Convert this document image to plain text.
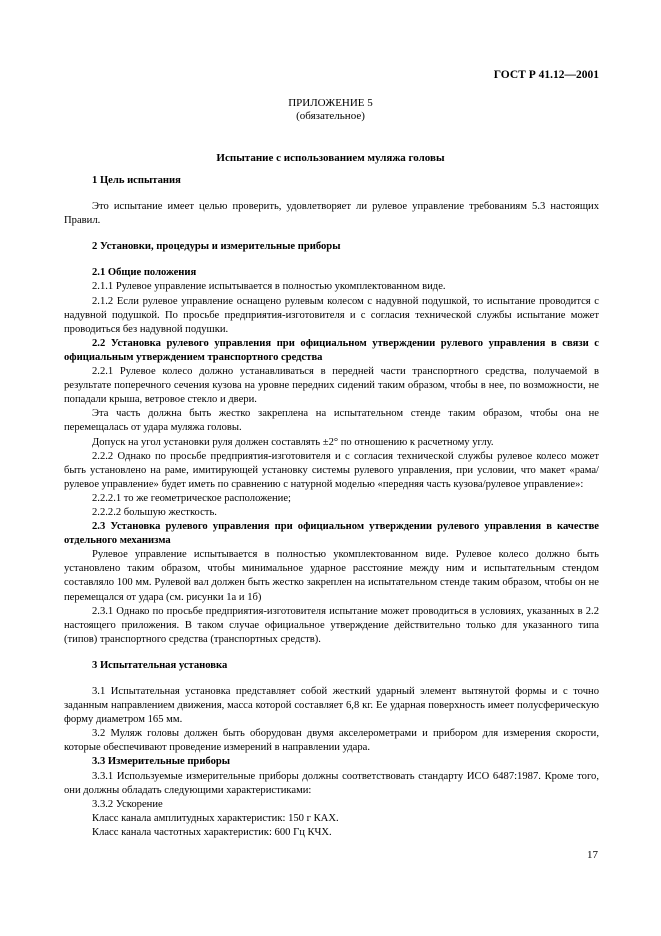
ГОСТ Р 41.12—2001
ПРИЛОЖЕНИЕ 5
(обязательное)
Испытание с использованием муляжа головы

1 Цель испытания

Это испытание имеет целью проверить, удовлетворяет ли рулевое управление требованиям 5.3 настоящих Правил.

2 Установки, процедуры и измерительные приборы

2.1 Общие положения

2.1.1 Рулевое управление испытывается в полностью укомплектованном виде.

2.1.2 Если рулевое управление оснащено рулевым колесом с надувной подушкой, то испытание проводится с надувной подушкой. По просьбе предприятия-изготовителя и с согласия технической службы испытание может проводиться без надувной подушки.

2.2 Установка рулевого управления при официальном утверждении рулевого управления в связи с официальным утверждением транспортного средства

2.2.1 Рулевое колесо должно устанавливаться в передней части транспортного средства, получаемой в результате поперечного сечения кузова на уровне передних сидений таким образом, чтобы в нее, по возможности, не попадали крыша, ветровое стекло и двери.

Эта часть должна быть жестко закреплена на испытательном стенде таким образом, чтобы она не перемещалась от удара муляжа головы.

Допуск на угол установки руля должен составлять ±2° по отношению к расчетному углу.

2.2.2 Однако по просьбе предприятия-изготовителя и с согласия технической службы рулевое колесо может быть установлено на раме, имитирующей установку системы рулевого управления, при условии, что макет «рама/рулевое управление» будет иметь по сравнению с натурной моделью «передняя часть кузова/рулевое управление»:

2.2.2.1 то же геометрическое расположение;

2.2.2.2 большую жесткость.

2.3 Установка рулевого управления при официальном утверждении рулевого управления в качестве отдельного механизма

Рулевое управление испытывается в полностью укомплектованном виде. Рулевое колесо должно быть установлено таким образом, чтобы минимальное ударное расстояние между ним и испытательным стендом составляло 100 мм. Рулевой вал должен быть жестко закреплен на испытательном стенде таким образом, чтобы он не перемещался от удара (см. рисунки 1а и 1б)

2.3.1 Однако по просьбе предприятия-изготовителя испытание может проводиться в условиях, указанных в 2.2 настоящего приложения. В таком случае официальное утверждение действительно только для указанного типа (типов) транспортного средства (транспортных средств).

3 Испытательная установка

3.1 Испытательная установка представляет собой жесткий ударный элемент вытянутой формы и с точно заданным направлением движения, масса которой составляет 6,8 кг. Ее ударная поверхность имеет полусферическую форму диаметром 165 мм.

3.2 Муляж головы должен быть оборудован двумя акселерометрами и прибором для измерения скорости, которые обеспечивают проведение измерений в направлении удара.

3.3 Измерительные приборы

3.3.1 Используемые измерительные приборы должны соответствовать стандарту ИСО 6487:1987. Кроме того, они должны обладать следующими характеристиками:

3.3.2 Ускорение

Класс канала амплитудных характеристик: 150 г КАХ.

Класс канала частотных характеристик: 600 Гц КЧХ.

17
